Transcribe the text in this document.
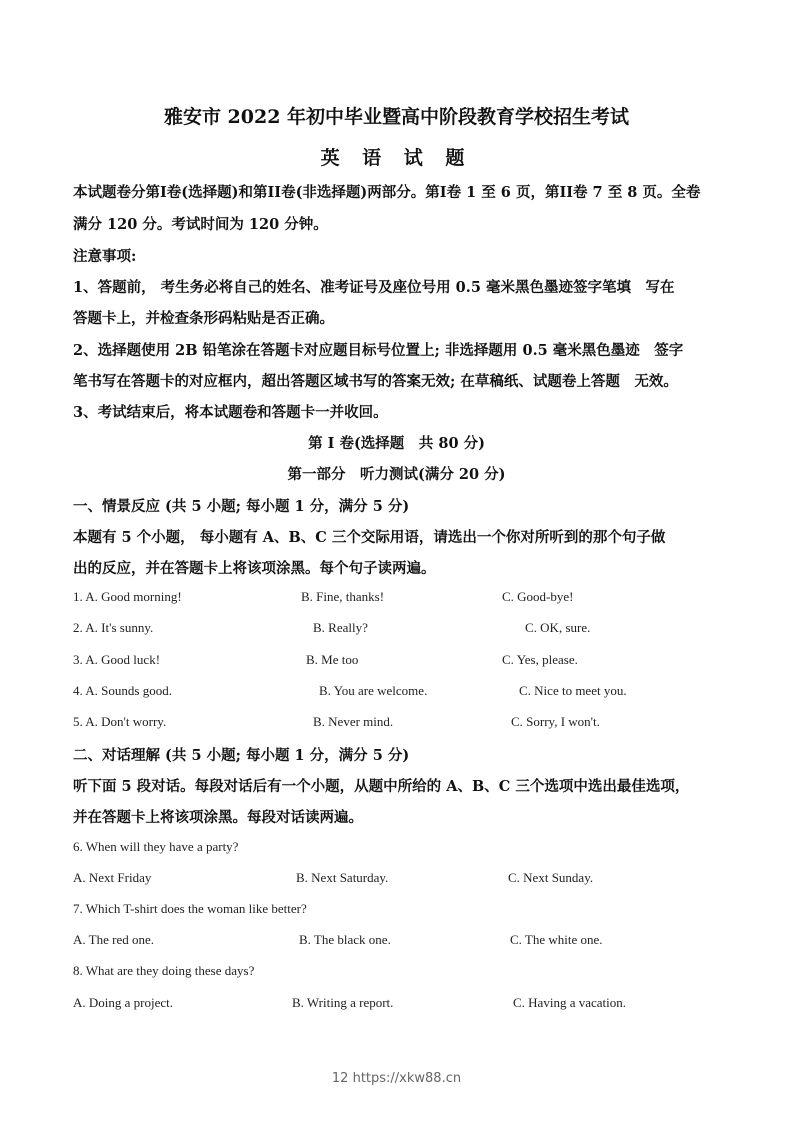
雅安市 2022 年初中毕业暨高中阶段教育学校招生考试
英 语 试 题
本试题卷分第I卷(选择题)和第II卷(非选择题)两部分。第I卷 1 至 6 页，第II卷 7 至 8 页。全卷
满分 120 分。考试时间为 120 分钟。
注意事项:
1、答题前， 考生务必将自己的姓名、准考证号及座位号用 0.5 毫米黑色墨迹签字笔填　写在
答题卡上，并检查条形码粘贴是否正确。
2、选择题使用 2B 铅笔涂在答题卡对应题目标号位置上; 非选择题用 0.5 毫米黑色墨迹　签字
笔书写在答题卡的对应框内，超出答题区域书写的答案无效; 在草稿纸、试题卷上答题　无效。
3、考试结束后，将本试题卷和答题卡一并收回。
第 I 卷(选择题　共 80 分)
第一部分　听力测试(满分 20 分)
一、情景反应 (共 5 小题; 每小题 1 分，满分 5 分)
本题有 5 个小题， 每小题有 A、B、C 三个交际用语，请选出一个你对所听到的那个句子做
出的反应，并在答题卡上将该项涂黑。每个句子读两遍。
1. A. Good morning!	B. Fine, thanks!	C. Good-bye!
2. A. It's sunny.	B. Really?	C. OK, sure.
3. A. Good luck!	B. Me too	C. Yes, please.
4. A. Sounds good.	B. You are welcome.	C. Nice to meet you.
5. A. Don't worry.	B. Never mind.	C. Sorry, I won't.
二、对话理解 (共 5 小题; 每小题 1 分，满分 5 分)
听下面 5 段对话。每段对话后有一个小题，从题中所给的 A、B、C 三个选项中选出最佳选项，
并在答题卡上将该项涂黑。每段对话读两遍。
6. When will they have a party?
A. Next Friday	B. Next Saturday.	C. Next Sunday.
7. Which T-shirt does the woman like better?
A. The red one.	B. The black one.	C. The white one.
8. What are they doing these days?
A. Doing a project.	B. Writing a report.	C. Having a vacation.
12 https://xkw88.cn
